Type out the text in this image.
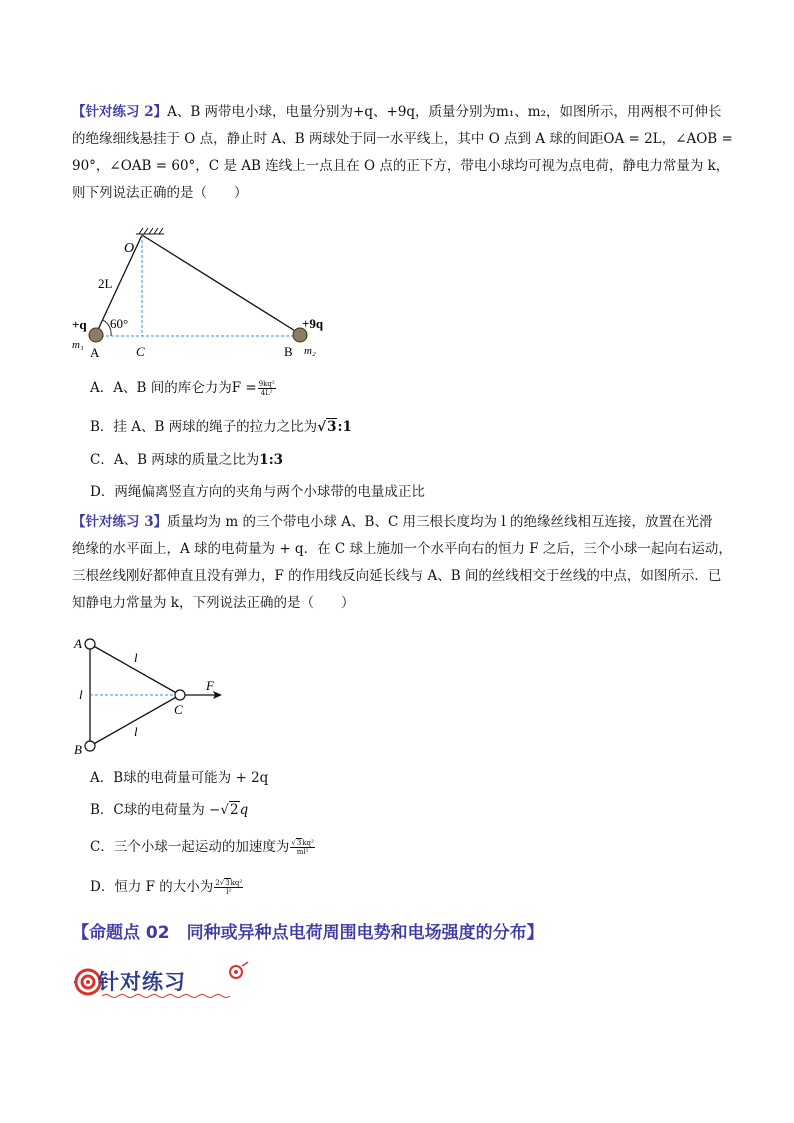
【针对练习 2】A、B 两带电小球，电量分别为+q、+9q，质量分别为m₁、m₂，如图所示，用两根不可伸长
的绝缘细线悬挂于 O 点，静止时 A、B 两球处于同一水平线上，其中 O 点到 A 球的间距OA = 2L，∠AOB =
90°，∠OAB = 60°，C 是 AB 连线上一点且在 O 点的正下方，带电小球均可视为点电荷，静电力常量为 k，
则下列说法正确的是（　　）

O
2L
+q 60°
m₁ A	C	B
+9q
m₂
A．A、B 间的库仑力为$F = \frac{\text{9kq²}}{\text{4L²}}$
B．挂 A、B 两球的绳子的拉力之比为√3:1
C．A、B 两球的质量之比为1:3
D．两绳偏离竖直方向的夹角与两个小球带的电量成正比

【针对练习 3】质量均为 m 的三个带电小球 A、B、C 用三根长度均为 l 的绝缘丝线相互连接，放置在光滑
绝缘的水平面上，A 球的电荷量为 + q．在 C 球上施加一个水平向右的恒力 F 之后，三个小球一起向右运动，
三根丝线刚好都伸直且没有弹力，F 的作用线反向延长线与 A、B 间的丝线相交于丝线的中点，如图所示．已
知静电力常量为 k，下列说法正确的是（　　）

A
B
C
l
l
l
F
A．B球的电荷量可能为 + 2q
B．C球的电荷量为 −√2q
C．三个小球一起运动的加速度为 $\frac{\text{√3kq²}}{\text{ml²}}$
D．恒力 F 的大小为 $\frac{\text{2√3kq²}}{\text{l²}}$
【命题点 02　同种或异种点电荷周围电势和电场强度的分布】
针对练习
